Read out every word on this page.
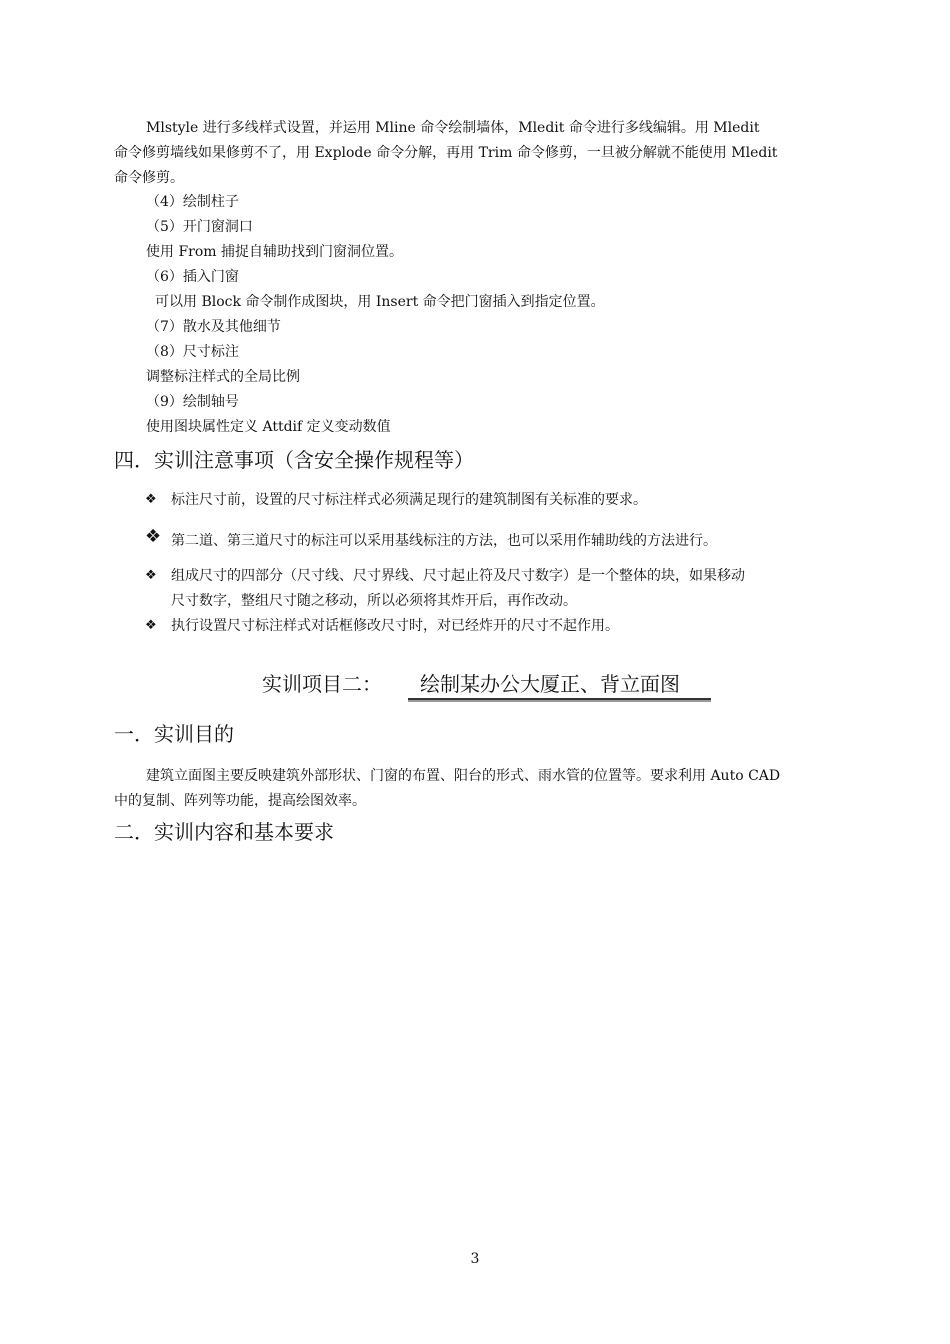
Mlstyle 进行多线样式设置，并运用 Mline 命令绘制墙体，Mledit 命令进行多线编辑。用 Mledit
命令修剪墙线如果修剪不了，用 Explode 命令分解，再用 Trim 命令修剪，一旦被分解就不能使用 Mledit
命令修剪。
（4）绘制柱子
（5）开门窗洞口
使用 From 捕捉自辅助找到门窗洞位置。
（6）插入门窗
可以用 Block 命令制作成图块，用 Insert 命令把门窗插入到指定位置。
（7）散水及其他细节
（8）尺寸标注
调整标注样式的全局比例
（9）绘制轴号
使用图块属性定义 Attdif 定义变动数值
四．实训注意事项（含安全操作规程等）
❖ 标注尺寸前，设置的尺寸标注样式必须满足现行的建筑制图有关标准的要求。
❖ 第二道、第三道尺寸的标注可以采用基线标注的方法，也可以采用作辅助线的方法进行。
❖ 组成尺寸的四部分（尺寸线、尺寸界线、尺寸起止符及尺寸数字）是一个整体的块，如果移动
尺寸数字，整组尺寸随之移动，所以必须将其炸开后，再作改动。
❖ 执行设置尺寸标注样式对话框修改尺寸时，对已经炸开的尺寸不起作用。
实训项目二：	绘制某办公大厦正、背立面图
一．实训目的
建筑立面图主要反映建筑外部形状、门窗的布置、阳台的形式、雨水管的位置等。要求利用 Auto CAD
中的复制、阵列等功能，提高绘图效率。
二．实训内容和基本要求
3
